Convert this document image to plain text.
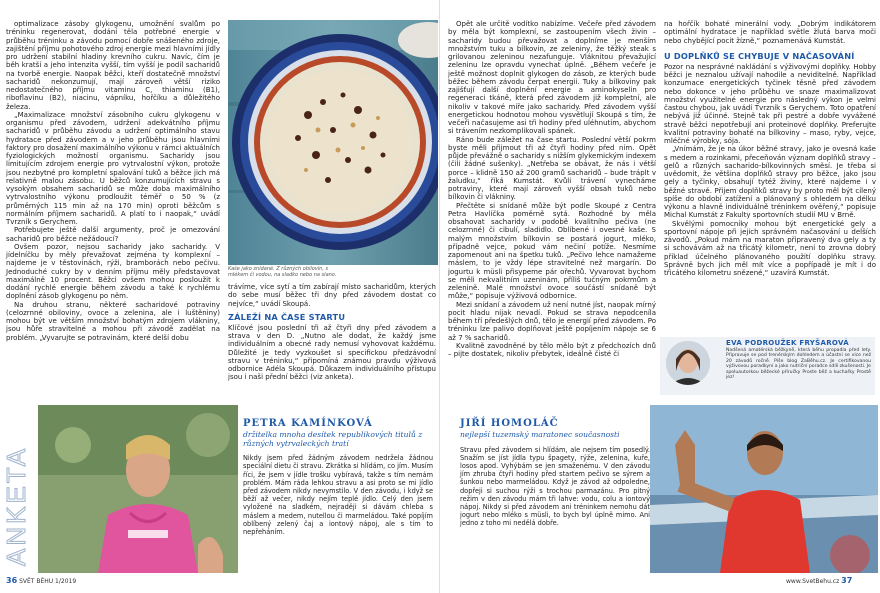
optimalizace zásoby glykogenu, umožnění svalům po tréninku regenerovat, dodání těla potřebné energie v průběhu tréninku a závodu pomocí dobře snášeného zdroje, zajištění příjmu pohotového zdroj energie mezi hlavními jídly pro udržení stabilní hladiny krevního cukru. Navíc, čím je běh kratší a jeho intenzita vyšší, tím vyšší je podíl sacharidů na tvorbě energie. Naopak běžci, kteří dostatečně množství sacharidů nekonzumují, mají zároveň větší riziko nedostatečného příjmu vitaminu C, thiaminu (B1), riboflavinu (B2), niacinu, vápníku, hořčíku a důležitého železa.

„Maximalizace množství zásobního cukru glykogenu v organismu před závodem, udržení adekvátního příjmu sacharidů v průběhu závodu a udržení optimálního stavu hydratace před závodem a v jeho průběhu jsou hlavními faktory pro dosažení maximálního výkonu v rámci aktuálních fyziologických možností organismu. Sacharidy jsou limitujícím zdrojem energie pro vytrvalostní výkon, protože jsou nezbytné pro kompletní spalování tuků a běžce jich má relativně malou zásobu. U běžců konzumujících stravu s vysokým obsahem sacharidů se může doba maximálního vytrvalostního výkonu prodloužit téměř o 50 % (z průměrných 115 min až na 170 min) oproti běžcům s normálním příjmem sacharidů. A platí to i naopak,“ uvádí Tvrzník s Gerychem.

Potřebujete ještě další argumenty, proč je omezování sacharidů pro běžce nežádoucí?

Ovšem pozor, nejsou sacharidy jako sacharidy. V jídelníčku by měly převažovat zejména ty komplexní – najdeme je v těstovinách, rýži, bramborách nebo pečivu. Jednoduché cukry by v denním příjmu měly představovat maximálně 10 procent. Běžci ovšem mohou posloužit k dodání rychlé energie během závodu a také k rychlému doplnění zásob glykogenu po něm.

Na druhou stranu, některé sacharidové potraviny (celozrnné obiloviny, ovoce a zelenina, ale i luštěniny) mohou být ve větším množství bohatým zdrojem vlákniny, jsou hůře stravitelné a mohou při závodě zadělat na problém. „Vyvarujte se potravinám, které delší dobu

Kaše jako snídaně. Z různých obilovin, s mlékem či vodou, na sladko nebo na slano.

trávíme, více sytí a tím zabírají místo sacharidům, kterých do sebe musí běžec tři dny před závodem dostat co nejvíce,“ uvádí Skoupá.

ZÁLEŽÍ NA ČASE STARTU

Klíčové jsou poslední tři až čtyři dny před závodem a strava v den D. „Nutno ale dodat, že každý jsme individuálním a obecné rady nemusí vyhovovat každému. Důležité je tedy vyzkoušet si specifickou předzávodní stravu v tréninku,“ připomíná známou pravdu výživová odbornice Adéla Skoupá. Důkazem individuálního přístupu jsou i naši přední běžci (viz anketa).

ANKETA
PETRA KAMÍNKOVÁ
držitelka mnoha desítek republikových titulů z různých vytrvaleckých tratí

Nikdy jsem před žádným závodem nedržela žádnou speciální dietu či stravu. Zkrátka si hlídám, co jím. Musím říci, že jsem v jídle trošku vybíravá, takže s tím nemám problém. Mám ráda lehkou stravu a asi proto se mi jídlo před závodem nikdy nevymstilo. V den závodu, i když se běží až večer, nikdy nejím teplé jídlo. Celý den jsem vyložené na sladkém, nejraději si dávám chleba s máslem a medem, nutellou či marmeládou. Také popíjím oblíbený zelený čaj a iontový nápoj, ale s tím to nepřeháním.

36 SVĚT BĚHU 1/2019

Opět ale určitě vodítko nabízíme. Večeře před závodem by měla být komplexní, se zastoupením všech živin – sacharidy budou převažovat a doplníme je menším množstvím tuku a bílkovin, ze zeleniny, že těžký steak s grilovanou zeleninou nezafunguje. Vláknitou převažující zeleninu lze opravdu vynechat úplně. „Během večeře je ještě možnost doplnit glykogen do zásob, ze kterých bude běžec během závodu čerpat energii. Tuky a bílkoviny pak zajišťují další doplnění energie a aminokyselin pro regeneraci tkáně, která před závodem již kompletní, ale nikoliv v takové míře jako sacharidy. Před závodem vyšší energetickou hodnotou mohou vysvětlují Skoupá s tím, že večeři načasujeme asi tři hodiny před uléhnutím, abychom si trávením nezkomplikovali spánek.

Ráno bude záležet na čase startu. Poslední větší pokrm byste měli přijmout tři až čtyři hodiny před ním. Opět půjde převážně o sacharidy s nižším glykemickým indexem (čili žádné sušenky). „Netřeba se obávat, že nás i větší porce – klidně 150 až 200 gramů sacharidů – bude tráplt v žaludku,“ říká Kumstát. Kvůli trávení vynecháme potraviny, které mají zároveň vyšší obsah tuků nebo bílkovin či vlákniny.

Přečtěte si snídaně může být podle Skoupé z Centra Petra Havlíčka poměrně sytá. Rozhodně by měla obsahovat sacharidy v podobě kvalitního pečiva (ne celozrnné) či cibulí, sladidlo. Oblíbené i ovesné kaše. S malým množstvím bílkovin se postará jogurt, mléko, případně vejce, pokud vám nečiní potíže. Nesmíme zapomenout ani na špetku tuků. „Pečivo lehce namažeme máslem, to je vždy lépe stravitelné než margarín. Do jogurtu k müsli přisypeme pár ořechů. Vyvarovat bychom se měli nekvalitním uzeninám, příliš tučným pokrmům a zelenině. Malé množství ovoce součástí snídaně být může,“ popisuje výživová odbornice.

Mezi snídaní a závodem už není nutné jíst, naopak mírný pocit hladu nijak nevadí. Pokud se strava nepodceníla během tří předešlých dnů, tělo je energií před závodem. Po tréninku lze palivo doplňovat ještě popíjením nápoje se 6 až 7 % sacharidů.

Kvalitně zavodněné by tělo mělo být z předchozích dnů – pijte dostatek, nikoliv přebytek, ideálně čisté či

na hořčík bohaté minerální vody. „Dobrým indikátorem optimální hydratace je například světle žlutá barva moči nebo chybějící pocit žízně,“ poznamenává Kumstát.

U DOPLŇKŮ SE CHYBUJE V NAČASOVÁNÍ

Pozor na nesprávné nakládání s výživovými doplňky. Hobby běžci je neznalou užívají nahodile a neviditelně. Například konzumace energetických tyčinek těsně před závodem nebo dokonce v jeho průběhu ve snaze maximalizovat množství využitelné energie pro následný výkon je velmi častou chybou, jak uvádí Tvrzník s Gerychem. Toto opatření nebývá již účinné. Stejně tak při pestré a dobře vyvážené stravě běžci nepotřebují ani proteinové doplňky. Preferujte kvalitní potraviny bohaté na bílkoviny – maso, ryby, vejce, mléčné výrobky, sója.

„Vnímám, že je na úkor běžné stravy, jako je ovesná kaše s medem a rozinkami, přeceňován význam doplňků stravy – gelů a různých sacharido-bílkovinných směsí. Je třeba si uvědomit, že většina doplňků stravy pro běžce, jako jsou gely a tyčinky, obsahují tytéž živiny, které najdeme i v běžné stravě. Přijem doplňků stravy by proto měl být cílený spíše do období zatížení a plánovaný s ohledem na délku výkonu a hlavně individuálně tréninkem ověřený,“ popisuje Michal Kumstát z Fakulty sportovních studií MU v Brně.

Skvělými pomocníky mohou být energetické gely a sportovní nápoje při jejich správném načasování u delších závodů. „Pokud mám na maraton připravený dva gely a ty si schovávám až na třicátý kilometr, není to zrovna dobrý příklad účelného plánovaného použití doplňku stravy. Správně bych jich měl mít více a popřípadě je mít i do třicátého kilometru snězené,“ uzavírá Kumstát.

EVA PODROUŽEK FRYŠAROVÁ
Nadšená amatérská běžkyně, která běhu propadla před lety. Připravuje se pod trenérským dohledem a účastní se více než 20 závodů ročně. Píše blog ZaBěhu.cz. Je certifikovanou výživovou poradkyní a jako nutriční poradce sdílí zkušenosti. Je spoluautorkou běžecké příručky Proste běž a kuchařky Prostě jez!
JIŘÍ HOMOLÁČ
nejlepší tuzemský maratonec současnosti

Stravu před závodem si hlídám, ale nejsem tím posedlý. Snažím se jíst jídla typu špagety, rýže, zelenina, kuře, losos apod. Vyhýbám se jen smaženému. V den závodu jím zhruba čtyři hodiny před startem pečivo se sýrem a šunkou nebo marmeládou. Když je závod až odpoledne, dopřeji si suchou rýži s trochou parmazánu. Pro pitný režim v den závodu mám tři lahve: vodu, colu a iontový nápoj. Nikdy si před závodem ani tréninkem nemohu dát jogurt nebo mléko s müsli, to bych byl úplně mimo. Ani jedno z toho mi nedělá dobře.

www.SvetBehu.cz 37
